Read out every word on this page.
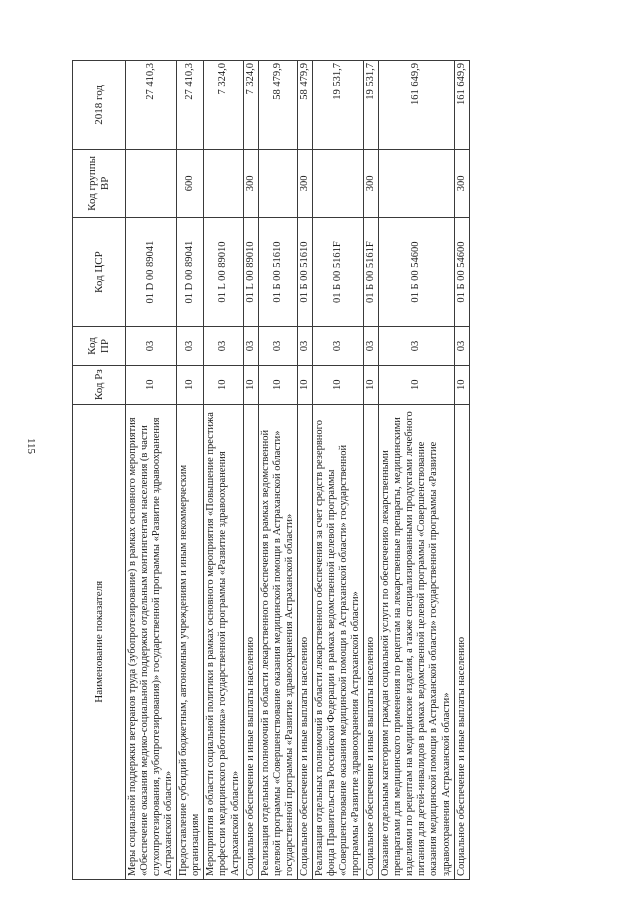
115
Наименование показателя	Код Рз	Код ПР	Код ЦСР	Код группы ВР	2018 год
Меры социальной поддержки ветеранов труда (зубопротезирование) в рамках основного мероприятия «Обеспечение оказания медико-социальной поддержки отдельным контингентам населения (в части слухопротезирования, зубопротезирования)» государственной программы «Развитие здравоохранения Астраханской области»	10	03	01 D 00 89041		27 410,3
Предоставление субсидий бюджетным, автономным учреждениям и иным некоммерческим организациям	10	03	01 D 00 89041	600	27 410,3
Мероприятия в области социальной политики в рамках основного мероприятия «Повышение престижа профессии медицинского работника» государственной программы «Развитие здравоохранения Астраханской области»	10	03	01 L 00 89010		7 324,0
Социальное обеспечение и иные выплаты населению	10	03	01 L 00 89010	300	7 324,0
Реализация отдельных полномочий в области лекарственного обеспечения в рамках ведомственной целевой программы «Совершенствование оказания медицинской помощи в Астраханской области» государственной программы «Развитие здравоохранения Астраханской области»	10	03	01 Б 00 51610		58 479,9
Социальное обеспечение и иные выплаты населению	10	03	01 Б 00 51610	300	58 479,9
Реализация отдельных полномочий в области лекарственного обеспечения за счет средств резервного фонда Правительства Российской Федерации в рамках ведомственной целевой программы «Совершенствование оказания медицинской помощи в Астраханской области» государственной программы «Развитие здравоохранения Астраханской области»	10	03	01 Б 00 5161F		19 531,7
Социальное обеспечение и иные выплаты населению	10	03	01 Б 00 5161F	300	19 531,7
Оказание отдельным категориям граждан социальной услуги по обеспечению лекарственными препаратами для медицинского применения по рецептам на лекарственные препараты, медицинскими изделиями по рецептам на медицинские изделия, а также специализированными продуктами лечебного питания для детей-инвалидов в рамках ведомственной целевой программы «Совершенствование оказания медицинской помощи в Астраханской области» государственной программы «Развитие здравоохранения Астраханской области»	10	03	01 Б 00 54600		161 649,9
Социальное обеспечение и иные выплаты населению	10	03	01 Б 00 54600	300	161 649,9
